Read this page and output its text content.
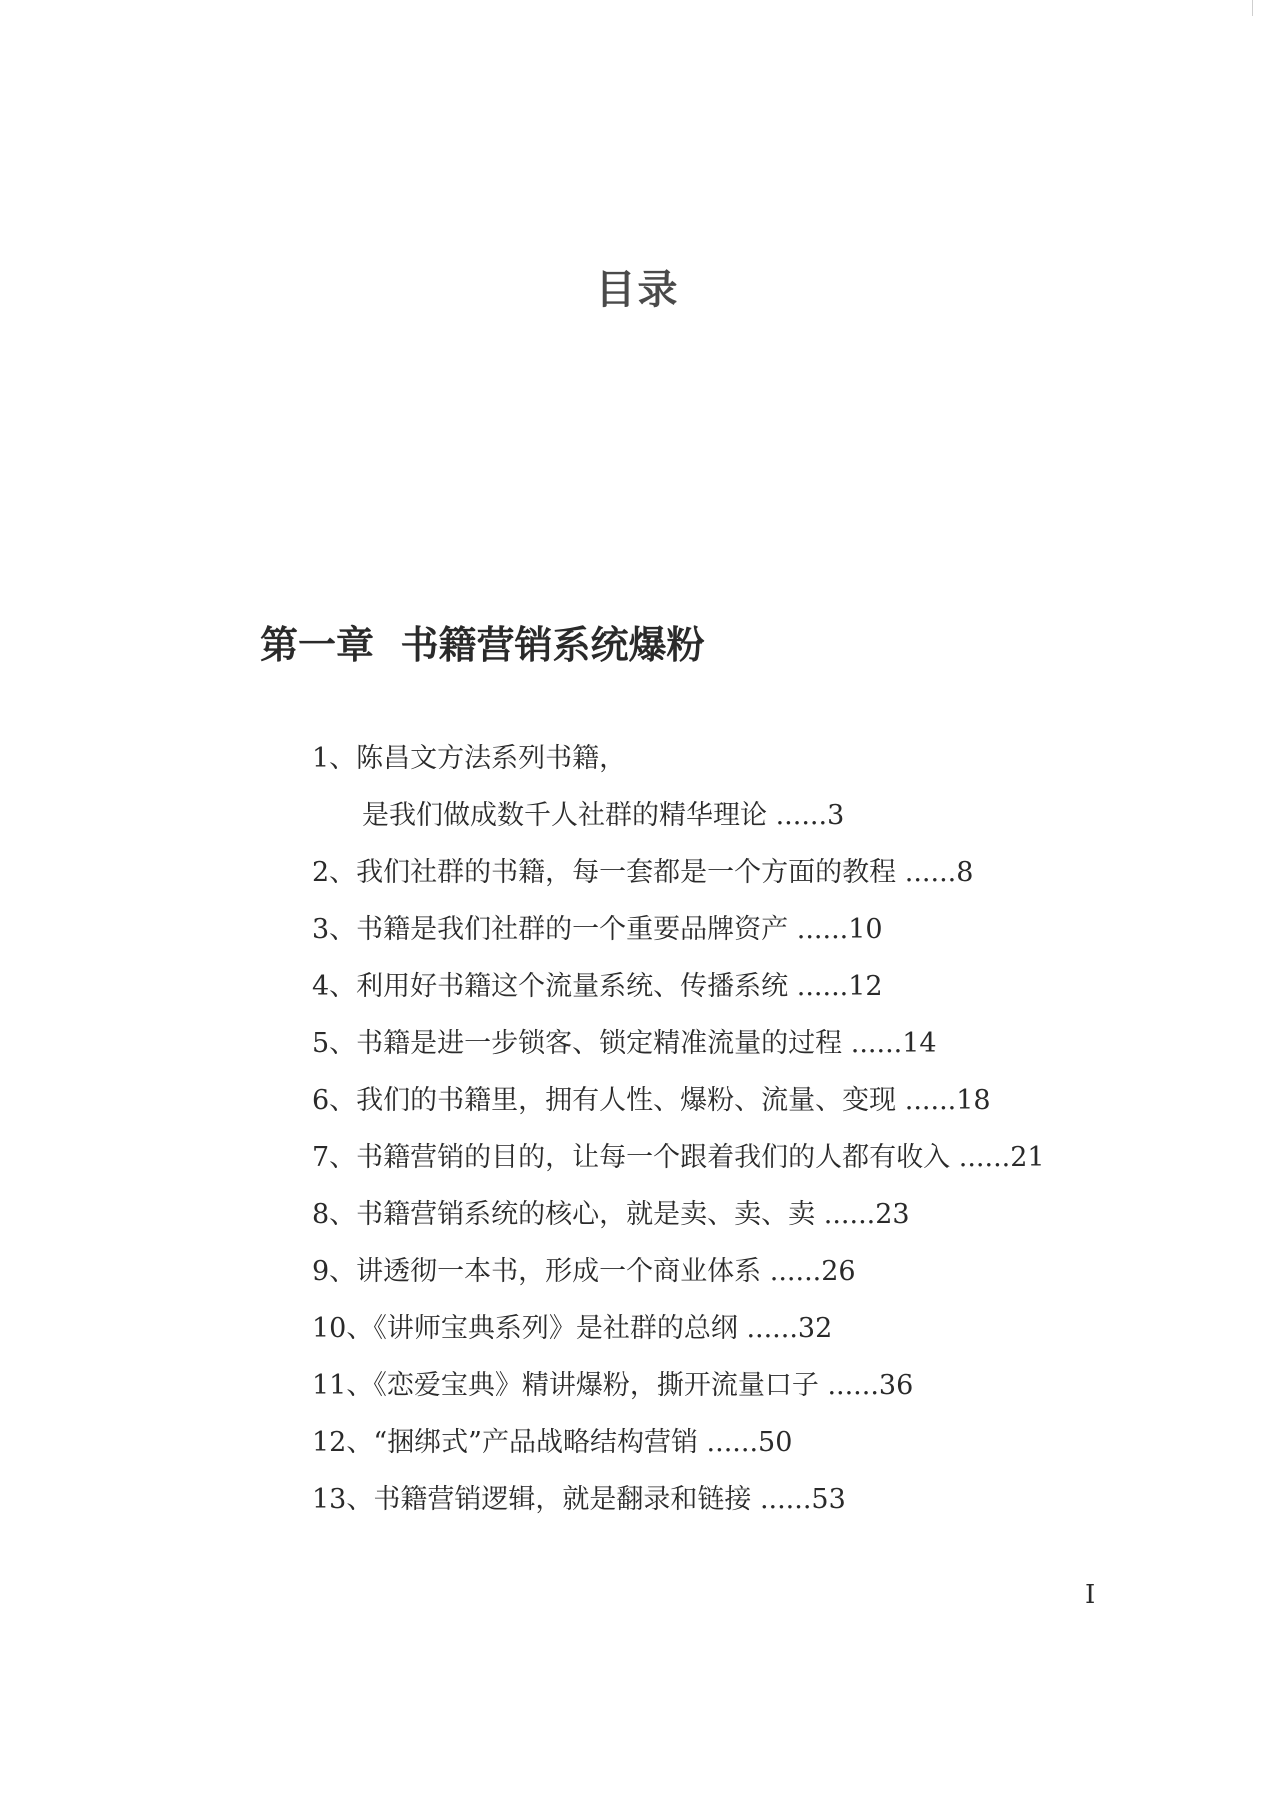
目录
第一章  书籍营销系统爆粉
1、陈昌文方法系列书籍，
是我们做成数千人社群的精华理论 ......3
2、我们社群的书籍，每一套都是一个方面的教程 ......8
3、书籍是我们社群的一个重要品牌资产 ......10
4、利用好书籍这个流量系统、传播系统 ......12
5、书籍是进一步锁客、锁定精准流量的过程 ......14
6、我们的书籍里，拥有人性、爆粉、流量、变现 ......18
7、书籍营销的目的，让每一个跟着我们的人都有收入 ......21
8、书籍营销系统的核心，就是卖、卖、卖 ......23
9、讲透彻一本书，形成一个商业体系 ......26
10、《讲师宝典系列》是社群的总纲 ......32
11、《恋爱宝典》精讲爆粉，撕开流量口子 ......36
12、“捆绑式”产品战略结构营销 ......50
13、书籍营销逻辑，就是翻录和链接 ......53
I
